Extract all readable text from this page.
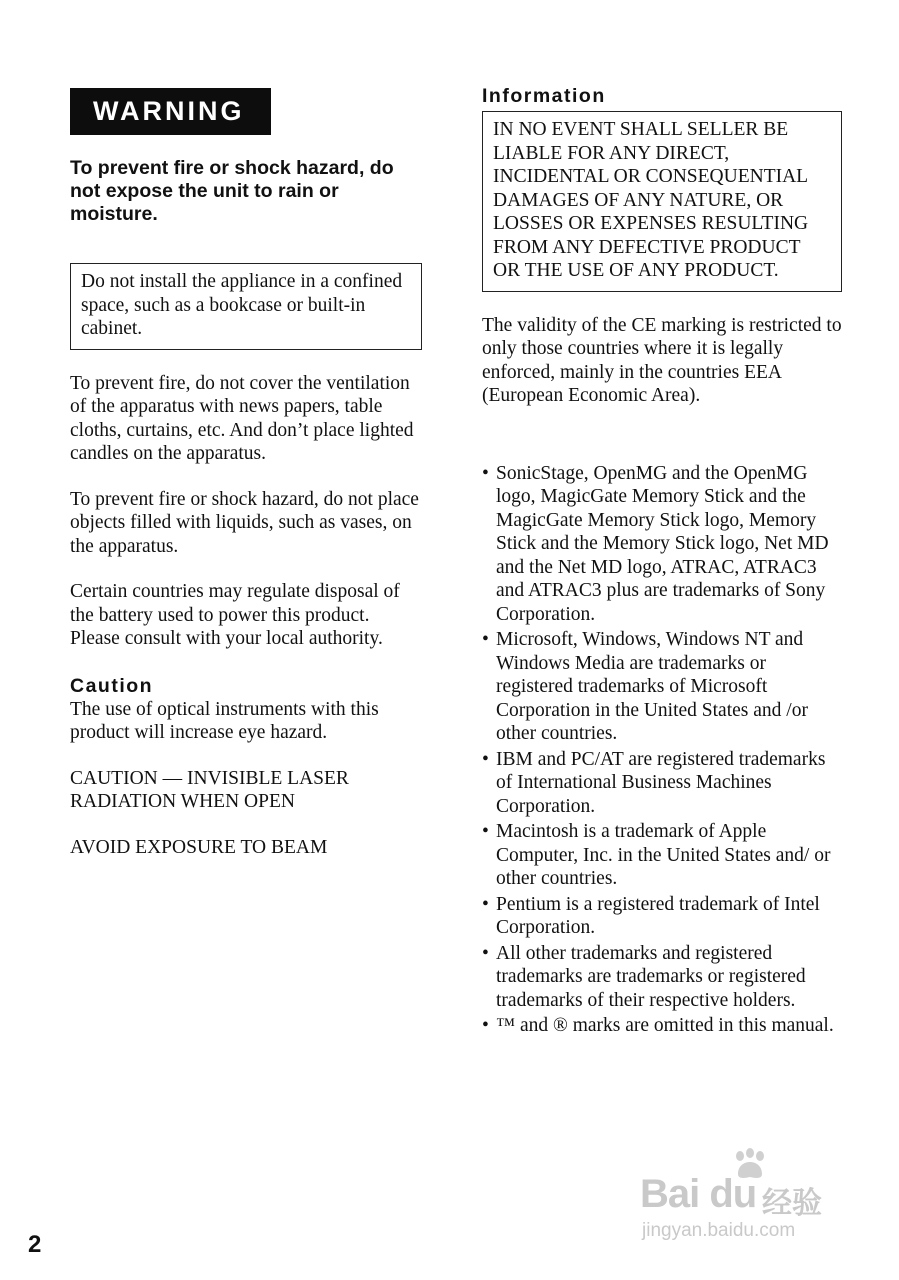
WARNING

To prevent fire or shock hazard, do not expose the unit to rain or moisture.

Do not install the appliance in a confined space, such as a bookcase or built-in cabinet.

To prevent fire, do not cover the ventilation of the apparatus with news papers, table cloths, curtains, etc. And don’t place lighted candles on the apparatus.

To prevent fire or shock hazard, do not place objects filled with liquids, such as vases, on the apparatus.

Certain countries may regulate disposal of the battery used to power this product. Please consult with your local authority.

Caution

The use of optical instruments with this product will increase eye hazard.

CAUTION — INVISIBLE LASER RADIATION WHEN OPEN

AVOID EXPOSURE TO BEAM

Information
IN NO EVENT SHALL SELLER BE LIABLE FOR ANY DIRECT, INCIDENTAL OR CONSEQUENTIAL DAMAGES OF ANY NATURE, OR LOSSES OR EXPENSES RESULTING FROM ANY DEFECTIVE PRODUCT OR THE USE OF ANY PRODUCT.

The validity of the CE marking is restricted to only those countries where it is legally enforced, mainly in the countries EEA (European Economic Area).

• SonicStage, OpenMG and the OpenMG logo, MagicGate Memory Stick and the MagicGate Memory Stick logo, Memory Stick and the Memory Stick logo, Net MD and the Net MD logo, ATRAC, ATRAC3 and ATRAC3 plus are trademarks of Sony Corporation.
• Microsoft, Windows, Windows NT and Windows Media are trademarks or registered trademarks of Microsoft Corporation in the United States and /or other countries.
• IBM and PC/AT are registered trademarks of International Business Machines Corporation.
• Macintosh is a trademark of Apple Computer, Inc. in the United States and/ or other countries.
• Pentium is a registered trademark of Intel Corporation.
• All other trademarks and registered trademarks are trademarks or registered trademarks of their respective holders.
• ™ and ® marks are omitted in this manual.
2
Bai du 经验
jingyan.baidu.com
